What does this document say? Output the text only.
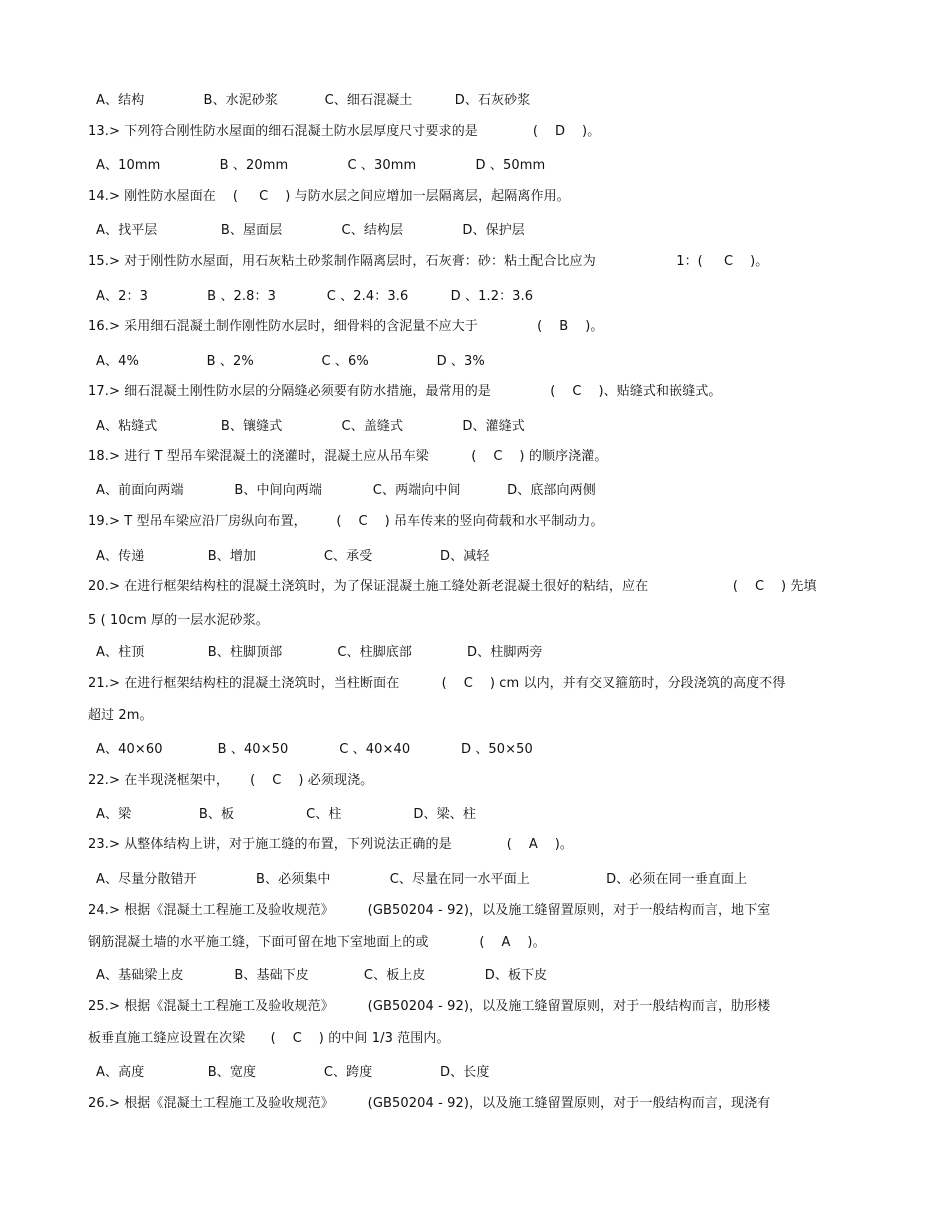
A、结构              B、水泥砂浆           C、细石混凝土          D、石灰砂浆

13.> 下列符合刚性防水屋面的细石混凝土防水层厚度尺寸要求的是             (    D    )。

A、10mm              B 、20mm              C 、30mm              D 、50mm

14.> 刚性防水屋面在    (     C    ) 与防水层之间应增加一层隔离层，起隔离作用。

A、找平层               B、屋面层              C、结构层              D、保护层

15.> 对于刚性防水屋面，用石灰粘土砂浆制作隔离层时，石灰膏：砂：粘土配合比应为                   1：(     C    )。

A、2：3              B 、2.8：3            C 、2.4：3.6          D 、1.2：3.6

16.> 采用细石混凝土制作刚性防水层时，细骨料的含泥量不应大于              (    B    )。

A、4%                B 、2%                C 、6%                D 、3%

17.> 细石混凝土刚性防水层的分隔缝必须要有防水措施，最常用的是              (    C    )、贴缝式和嵌缝式。

A、粘缝式               B、镶缝式              C、盖缝式              D、灌缝式

18.> 进行 T 型吊车梁混凝土的浇灌时，混凝土应从吊车梁          (    C    ) 的顺序浇灌。

A、前面向两端            B、中间向两端            C、两端向中间           D、底部向两侧

19.> T 型吊车梁应沿厂房纵向布置，       (    C    ) 吊车传来的竖向荷载和水平制动力。

A、传递               B、增加                C、承受                D、减轻

20.> 在进行框架结构柱的混凝土浇筑时，为了保证混凝土施工缝处新老混凝土很好的粘结，应在                    (    C    ) 先填

5 ( 10cm 厚的一层水泥砂浆。

A、柱顶               B、柱脚顶部             C、柱脚底部             D、柱脚两旁

21.> 在进行框架结构柱的混凝土浇筑时，当柱断面在          (    C    ) cm 以内，并有交叉箍筋时，分段浇筑的高度不得

超过 2m。

A、40×60             B 、40×50            C 、40×40            D 、50×50

22.> 在半现浇框架中，     (    C    ) 必须现浇。

A、梁                B、板                 C、柱                 D、梁、柱

23.> 从整体结构上讲，对于施工缝的布置，下列说法正确的是             (    A    )。

A、尽量分散错开              B、必须集中              C、尽量在同一水平面上                  D、必须在同一垂直面上

24.> 根据《混凝土工程施工及验收规范》        (GB50204 - 92)，以及施工缝留置原则，对于一般结构而言，地下室

钢筋混凝土墙的水平施工缝，下面可留在地下室地面上的或            (    A    )。

A、基础梁上皮            B、基础下皮             C、板上皮              D、板下皮

25.> 根据《混凝土工程施工及验收规范》        (GB50204 - 92)，以及施工缝留置原则，对于一般结构而言，肋形楼

板垂直施工缝应设置在次梁      (    C    ) 的中间 1/3 范围内。

A、高度               B、宽度                C、跨度                D、长度

26.> 根据《混凝土工程施工及验收规范》        (GB50204 - 92)，以及施工缝留置原则，对于一般结构而言，现浇有
